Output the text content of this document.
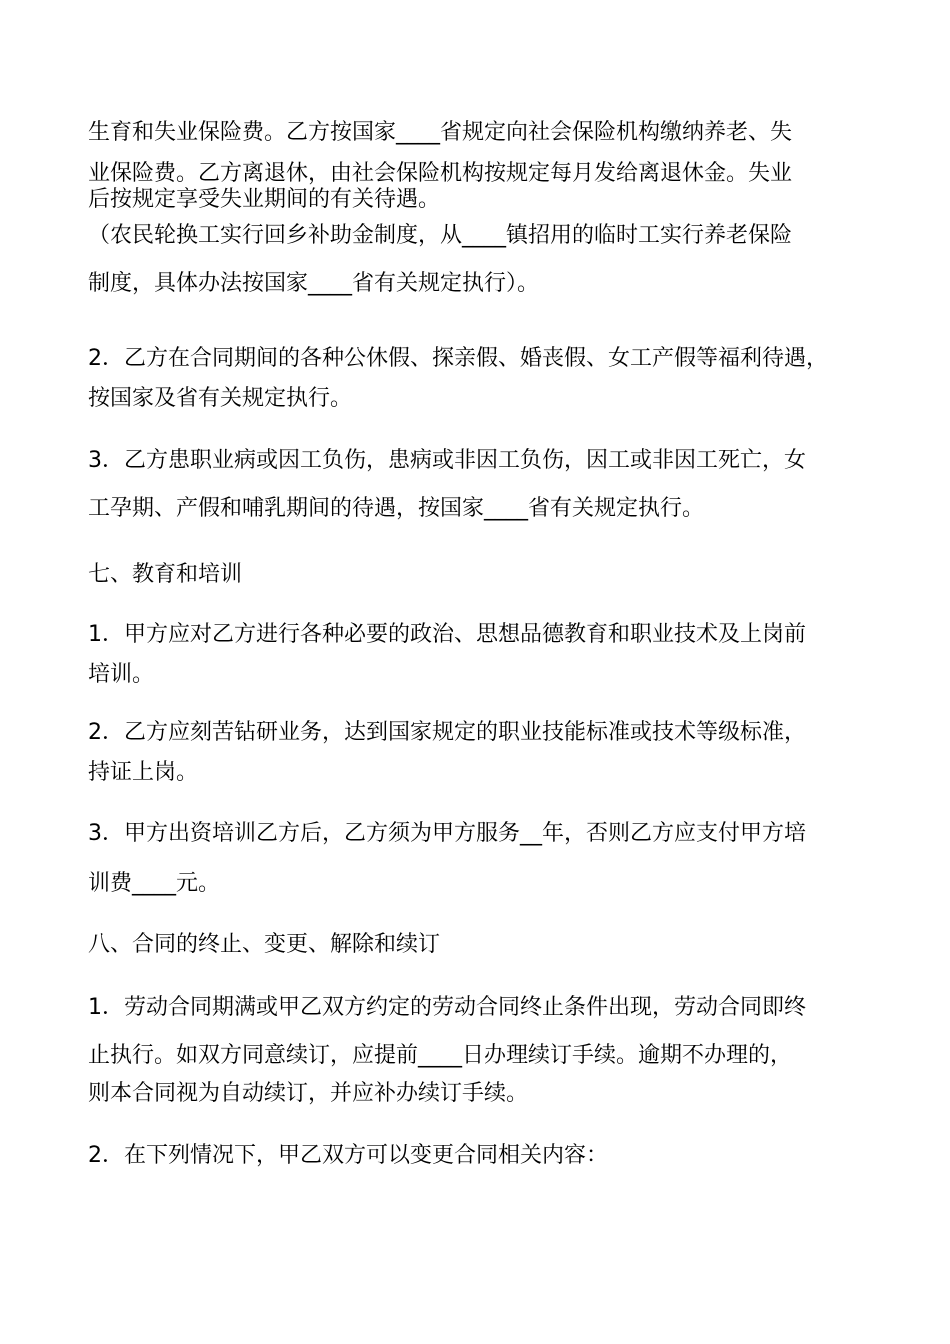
生育和失业保险费。乙方按国家____省规定向社会保险机构缴纳养老、失
业保险费。乙方离退休，由社会保险机构按规定每月发给离退休金。失业
后按规定享受失业期间的有关待遇。
（农民轮换工实行回乡补助金制度，从____镇招用的临时工实行养老保险
制度，具体办法按国家____省有关规定执行）。
2．乙方在合同期间的各种公休假、探亲假、婚丧假、女工产假等福利待遇，
按国家及省有关规定执行。
3．乙方患职业病或因工负伤，患病或非因工负伤，因工或非因工死亡，女
工孕期、产假和哺乳期间的待遇，按国家____省有关规定执行。
七、教育和培训
1．甲方应对乙方进行各种必要的政治、思想品德教育和职业技术及上岗前
培训。
2．乙方应刻苦钻研业务，达到国家规定的职业技能标准或技术等级标准，
持证上岗。
3．甲方出资培训乙方后，乙方须为甲方服务__年，否则乙方应支付甲方培
训费____元。
八、合同的终止、变更、解除和续订
1．劳动合同期满或甲乙双方约定的劳动合同终止条件出现，劳动合同即终
止执行。如双方同意续订，应提前____日办理续订手续。逾期不办理的，
则本合同视为自动续订，并应补办续订手续。
2．在下列情况下，甲乙双方可以变更合同相关内容：
